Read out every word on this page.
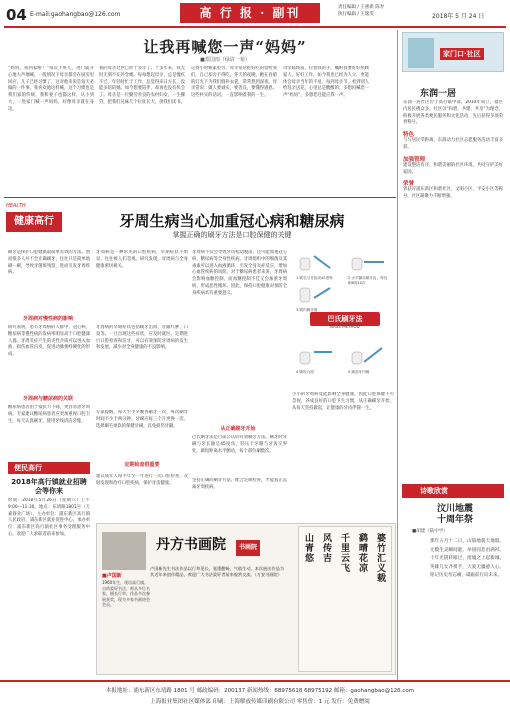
04 E-mail:gaohangbao@126.com	高 行 报 · 副刊	责任编辑 / 王惠新 陈寿
执行编辑 / 王逸雯	2018年 5 月 24 日
让我再喊您一声“妈妈”
■郑国雨（绿尉一菊）
“妈妈，我到家啦！”每次下班儿，进门就开心地大声地喊。一般情况下母亲都会在厨房里回应，儿子已经习惯了，这对他来说是每天必做的一件事。我喜欢他这样喊，这个习惯也是我们家的传统。我和妻子也都这样，从小到大，一进家门喊一声妈妈，好像母亲就在身边。
我的母亲过世已经十多年了。十多年来，我无时无刻不在怀念她。每每想起母亲，总是愧疚不已。年轻时忙于工作，总觉得来日方长，没能多陪陪她。如今想要陪伴，却再也没有机会了。母亲是一位勤劳善良的农村妇女，一生操劳，把我们兄妹几个拉扯长大，供我们读书。
记得小时候家里穷，母亲常常把好吃的留给我们，自己却舍不得吃。冬天的夜晚，她在昏暗的灯光下为我们缝补衣裳，常常熬到深夜。母亲常说：做人要诚实，要善良，要懂得感恩。这些朴实的话语，一直影响着我的一生。
母亲临终前，拉着我的手，嘱咐我要好好照顾家人，好好工作。如今我也已经为人父，更能体会母亲当年的不易。每到母亲节，看到别人给母亲送花，心里总是酸酸的。多想再喊您一声“妈妈”，多想您还能应我一声。
家门口·社区
东润一居
东润一居社区位于高行镇中部，2010年成立，辖区内居民楼众多。社区以“和谐、共建、共享”为理念，积极开展各类便民服务和文化活动，先后获得多项荣誉称号。
特色
与与居民零距离，东润动力社区志愿服务活动丰富多彩。
加强管理
建设整洁有序、和谐美丽的社区环境，共同守护美好家园。
荣誉
曾获评浦东新区和谐社区、文明小区、平安小区等称号，社区凝聚力不断增强。
诗歌欣赏
汶川地震
十周年祭
■胡建（陆中学）
那年五月十二日，山崩地裂天地暗。无数生灵瞬间逝，举国同悲泪满衫。十年光阴转眼过，废墟之上起新城。英雄儿女齐援手，大爱无疆感人心。铭记历史勿忘痛，砥砺前行向未来。
HEALTH
健康高行	牙周生病当心加重冠心病和糖尿病
掌握正确的刷牙方法是口腔保健的关键
刷牙是保护口腔健康最简单有效的方法。然而很多人并不会正确刷牙，往往只是简单地刷一刷，导致牙菌斑残留，进而引发牙周疾病。
牙周病是一种常见的口腔疾病，早期症状不明显，往往被人们忽视。研究发现，牙周病与全身健康密切相关。
牙周病不仅会导致牙齿松动脱落，还可能加重冠心病、糖尿病等全身性疾病。牙周组织中的细菌及其毒素可以进入血液循环，引发全身炎症反应，增加心血管疾病的风险。对于糖尿病患者来说，牙周病会影响血糖控制，而血糖控制不佳又会加重牙周病，形成恶性循环。因此，保持口腔健康对预防全身疾病具有重要意义。
牙周病对慢性病的影响
研究表明，患有牙周病的人群中，冠心病、糖尿病等慢性病的发病率明显高于口腔健康人群。牙周炎症产生的炎性介质可以进入血液，损伤血管内皮，促进动脉粥样硬化的形成。
牙周病的早期症状包括刷牙出血、牙龈红肿、口臭等。一旦出现这些症状，应及时就医。定期进行口腔检查和洁牙，可以有效预防牙周病的发生和发展，减少对全身健康的不良影响。
牙周病与糖尿病的关联
糖尿病患者由于抵抗力下降，更容易患牙周病。专家建议糖尿病患者应更加重视口腔卫生，每天认真刷牙，使用牙线清洁牙缝。
专家提醒，每天至少早晚各刷牙一次，每次刷牙时间不少于两分钟。牙刷应每三个月更换一次，选择刷毛柔软的保健牙刷，以免损伤牙龈。
定期检查很重要
建议成年人每半年至一年进行一次口腔检查，及时发现和治疗口腔疾病，保护牙齿健康。
从正确刷牙开始
巴氏刷牙法是目前公认的有效刷牙方法。刷牙时牙刷与牙长轴呈45度角，轻压于牙龈与牙齿交界处，做短距离水平颤动，每个部位刷数次。
坚持正确的刷牙方法，配合定期检查，才能真正远离牙周疾病。
小小的牙周病竟能影响全身健康，因此口腔保健不可忽视。养成良好的口腔卫生习惯，从正确刷牙开始，从每天坚持做起，让健康的牙齿伴随一生。
1 刷毛与牙齿成45度角	2 水平颤动刷牙齿，每处刷8到10次
3 刷内侧牙面
4 刷咬合面	5 刷前牙内侧
巴氏刷牙法
BASS METHOD
便民高行
2018年高行镇就业招聘会等你来
时间：2018年5月26日（星期六）上午9:00—11:30。地点：东靖路1801号（万嘉商业广场）。主办单位：浦东新区高行镇人民政府、浦东新区就业促进中心。承办单位：浦东新区高行镇社区事务受理服务中心。欢迎广大求职者前来参加。
丹方书画院	书画院
■卢国新
1960年生，现居高行镇。自幼爱好书法，师从多位名家，擅长行草，作品多次参展获奖，现为多家书画协会会员。
卢国新先生书法作品以行草见长，笔墨酣畅，气韵生动。本次展出作品为其近年来创作精品，欢迎广大书法爱好者前来观赏交流。（万安书画院）	婆竹汇义载
鹞晴花凉
千里云飞
风传吉
山青悠
本报地址：浦东新区东靖路 1801 号 邮政编码：200137 新闻热线：68975618 68975192 邮箱：gaohangbao@126.com
上海报业集团社区媒体部 印刷：上海解放传媒印刷有限公司 零售价：1 元 发行：免费赠阅
